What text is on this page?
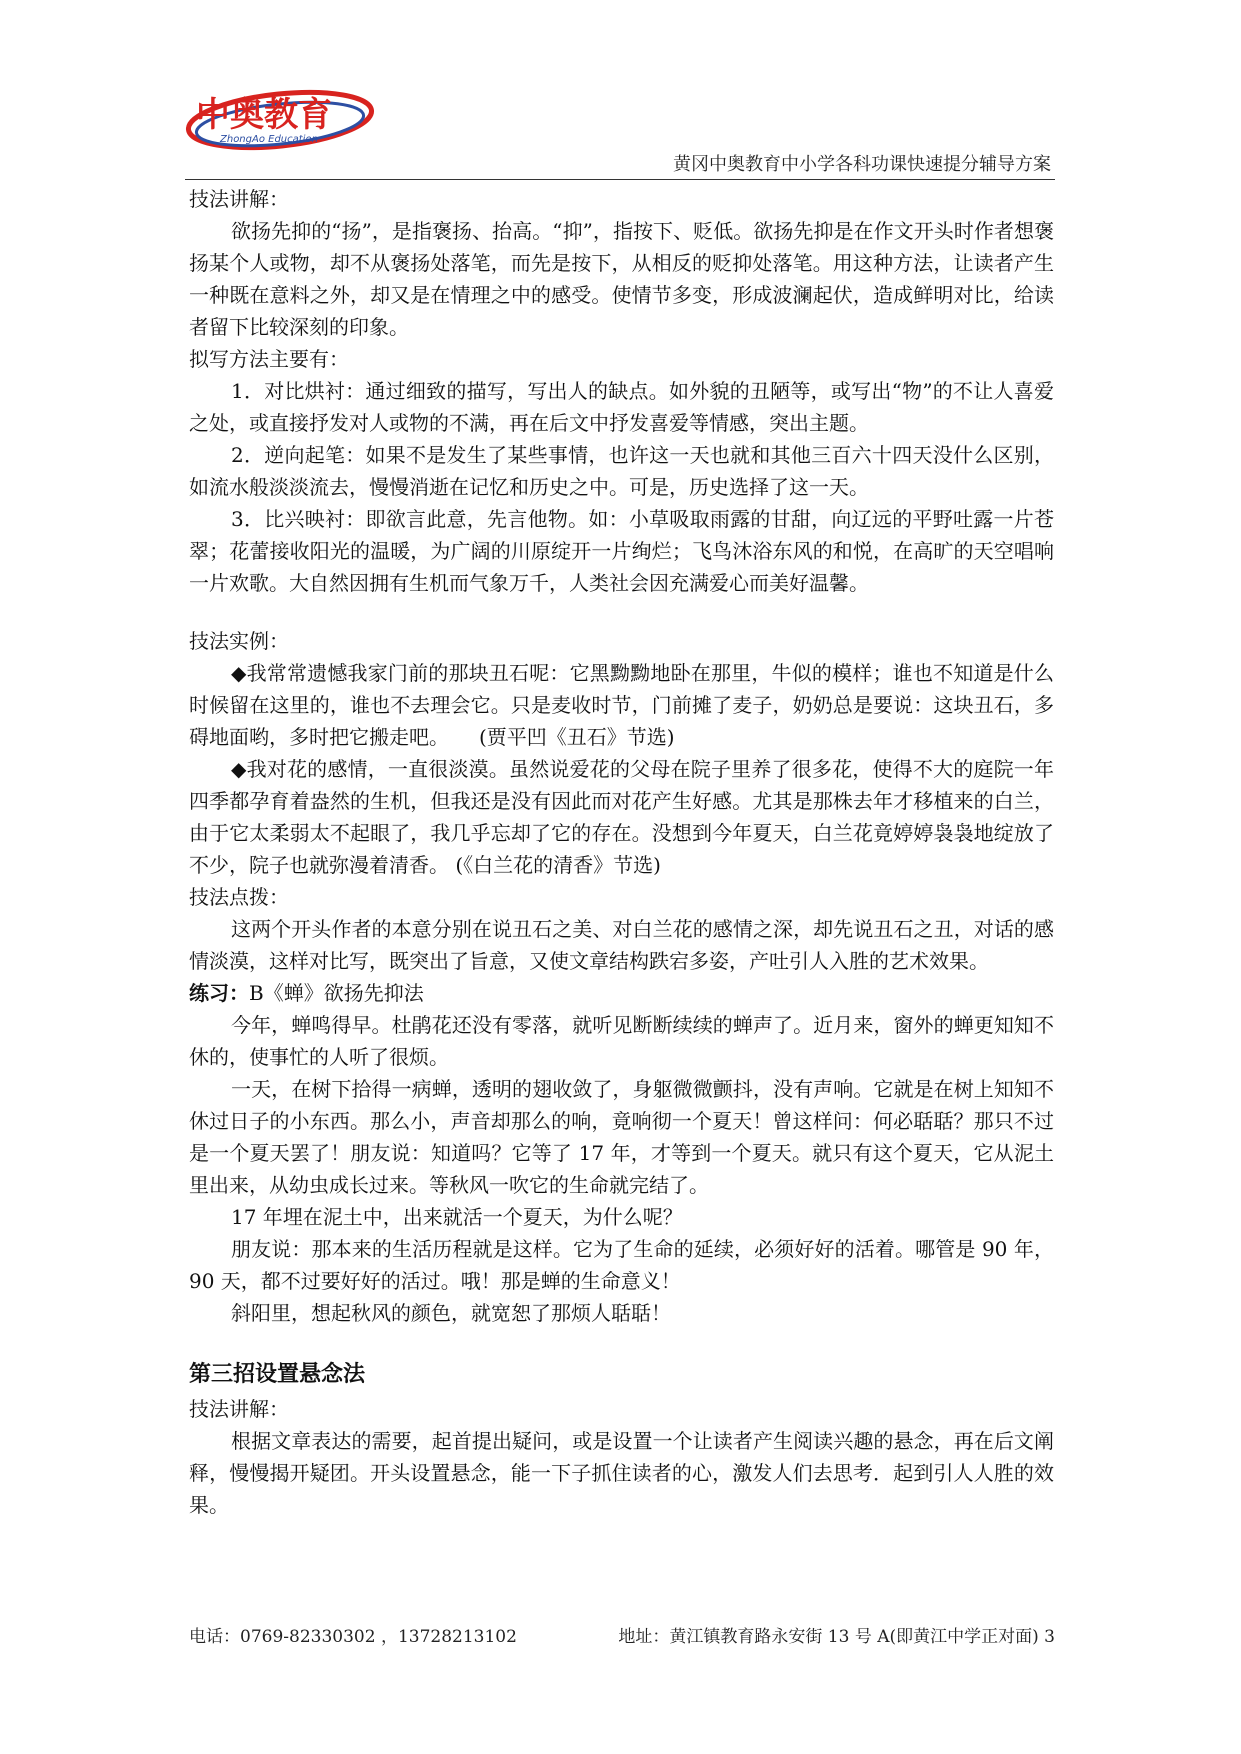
中奥教育
ZhongAo Education
黄冈中奥教育中小学各科功课快速提分辅导方案

技法讲解：

欲扬先抑的“扬”，是指褒扬、抬高。“抑”，指按下、贬低。欲扬先抑是在作文开头时作者想褒扬某个人或物，却不从褒扬处落笔，而先是按下，从相反的贬抑处落笔。用这种方法，让读者产生一种既在意料之外，却又是在情理之中的感受。使情节多变，形成波澜起伏，造成鲜明对比，给读者留下比较深刻的印象。

拟写方法主要有：

1．对比烘衬：通过细致的描写，写出人的缺点。如外貌的丑陋等，或写出“物”的不让人喜爱之处，或直接抒发对人或物的不满，再在后文中抒发喜爱等情感，突出主题。

2．逆向起笔：如果不是发生了某些事情，也许这一天也就和其他三百六十四天没什么区别，如流水般淡淡流去，慢慢消逝在记忆和历史之中。可是，历史选择了这一天。

3．比兴映衬：即欲言此意，先言他物。如：小草吸取雨露的甘甜，向辽远的平野吐露一片苍翠；花蕾接收阳光的温暖，为广阔的川原绽开一片绚烂；飞鸟沐浴东风的和悦，在高旷的天空唱响一片欢歌。大自然因拥有生机而气象万千，人类社会因充满爱心而美好温馨。

技法实例：

◆我常常遗憾我家门前的那块丑石呢：它黑黝黝地卧在那里，牛似的模样；谁也不知道是什么时候留在这里的，谁也不去理会它。只是麦收时节，门前摊了麦子，奶奶总是要说：这块丑石，多碍地面哟，多时把它搬走吧。　　(贾平凹《丑石》节选)

◆我对花的感情，一直很淡漠。虽然说爱花的父母在院子里养了很多花，使得不大的庭院一年四季都孕育着盎然的生机，但我还是没有因此而对花产生好感。尤其是那株去年才移植来的白兰，由于它太柔弱太不起眼了，我几乎忘却了它的存在。没想到今年夏天，白兰花竟婷婷袅袅地绽放了不少，院子也就弥漫着清香。 (《白兰花的清香》节选)

技法点拨：

这两个开头作者的本意分别在说丑石之美、对白兰花的感情之深，却先说丑石之丑，对话的感情淡漠，这样对比写，既突出了旨意，又使文章结构跌宕多姿，产吐引人入胜的艺术效果。

练习：B《蝉》欲扬先抑法

今年，蝉鸣得早。杜鹃花还没有零落，就听见断断续续的蝉声了。近月来，窗外的蝉更知知不休的，使事忙的人听了很烦。

一天，在树下拾得一病蝉，透明的翅收敛了，身躯微微颤抖，没有声响。它就是在树上知知不休过日子的小东西。那么小，声音却那么的响，竟响彻一个夏天！曾这样问：何必聒聒？那只不过是一个夏天罢了！朋友说：知道吗？它等了 17 年，才等到一个夏天。就只有这个夏天，它从泥土里出来，从幼虫成长过来。等秋风一吹它的生命就完结了。

17 年埋在泥土中，出来就活一个夏天，为什么呢？

朋友说：那本来的生活历程就是这样。它为了生命的延续，必须好好的活着。哪管是 90 年，90 天，都不过要好好的活过。哦！那是蝉的生命意义！

斜阳里，想起秋风的颜色，就宽恕了那烦人聒聒！

第三招设置悬念法

技法讲解：

根据文章表达的需要，起首提出疑问，或是设置一个让读者产生阅读兴趣的悬念，再在后文阐释，慢慢揭开疑团。开头设置悬念，能一下子抓住读者的心，激发人们去思考．起到引人人胜的效果。

电话：0769-82330302 ，13728213102	地址：黄江镇教育路永安街 13 号 A(即黄江中学正对面) 3
